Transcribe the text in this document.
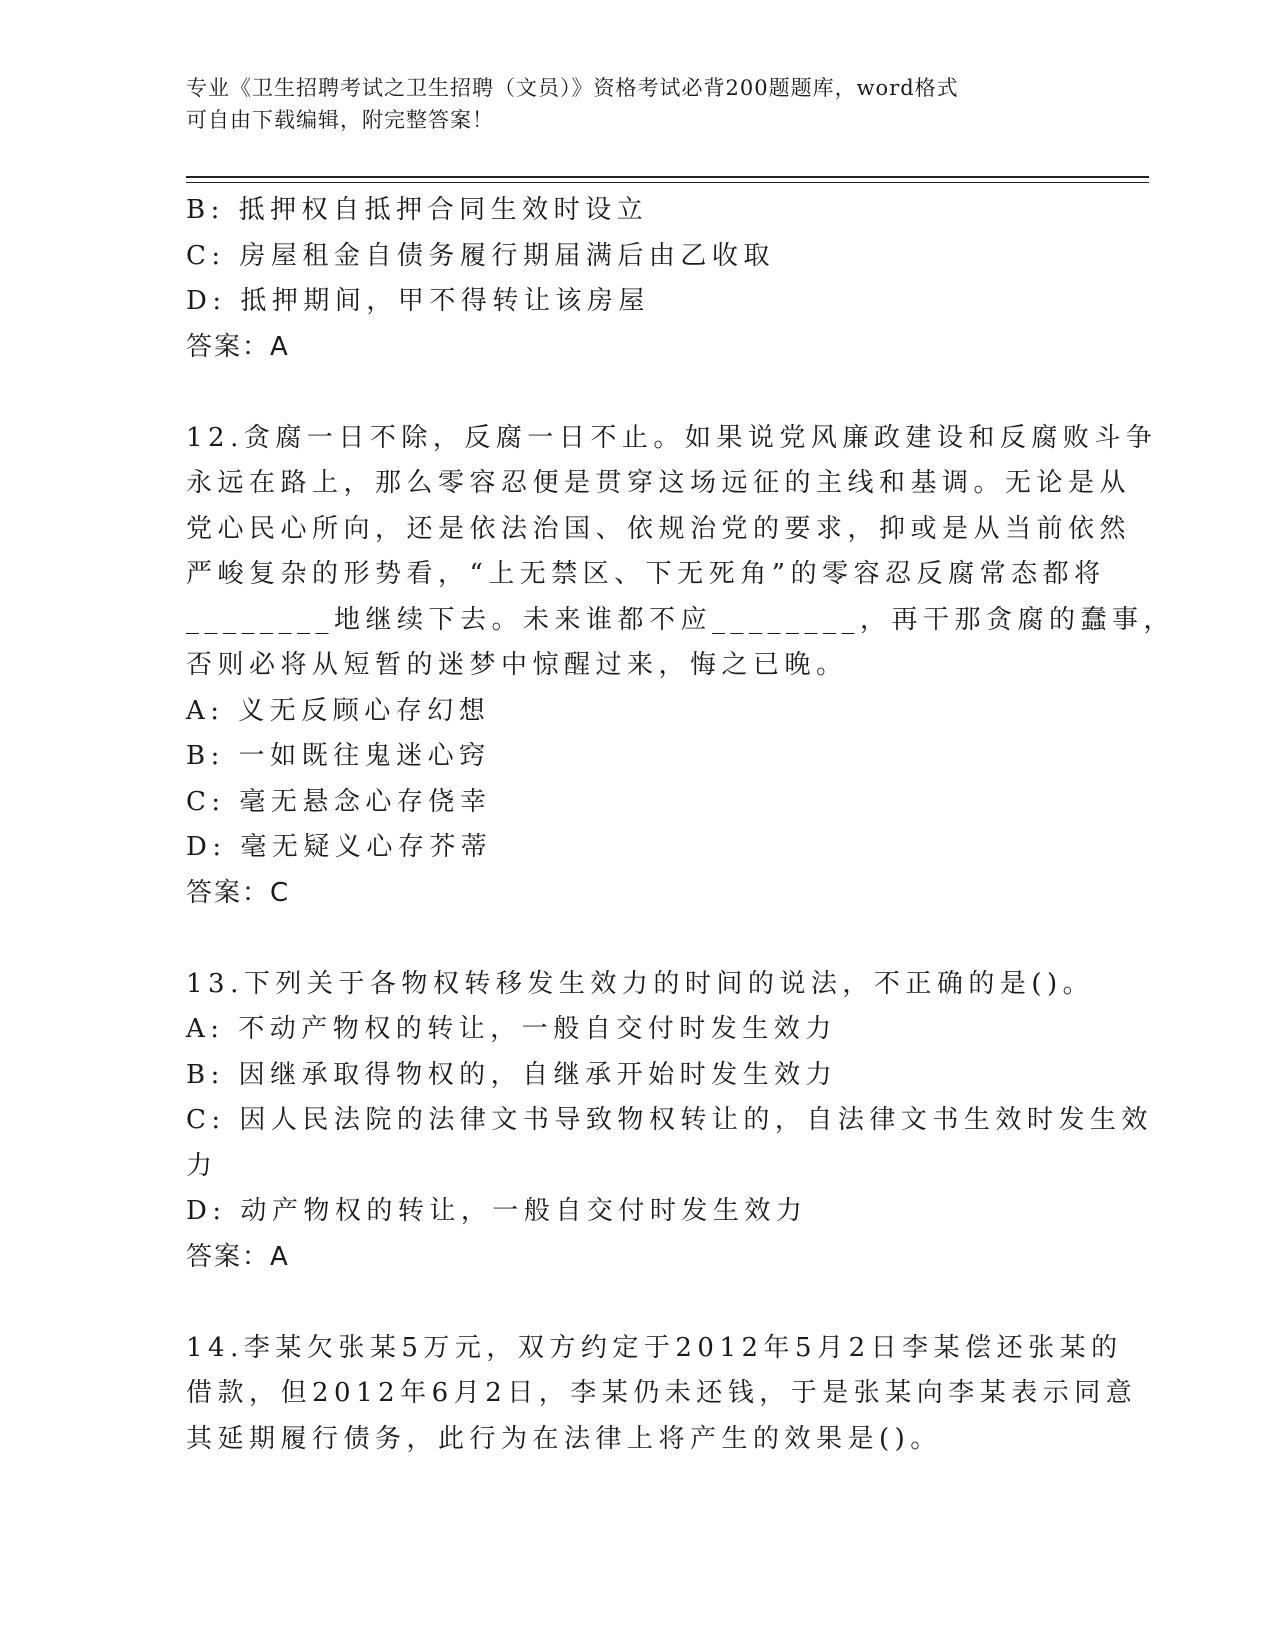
专业《卫生招聘考试之卫生招聘（文员）》资格考试必背200题题库，word格式
可自由下载编辑，附完整答案！
B: 抵押权自抵押合同生效时设立
C: 房屋租金自债务履行期届满后由乙收取
D: 抵押期间，甲不得转让该房屋
答案：A
12.贪腐一日不除，反腐一日不止。如果说党风廉政建设和反腐败斗争
永远在路上，那么零容忍便是贯穿这场远征的主线和基调。无论是从
党心民心所向，还是依法治国、依规治党的要求，抑或是从当前依然
严峻复杂的形势看，“上无禁区、下无死角”的零容忍反腐常态都将
________地继续下去。未来谁都不应________，再干那贪腐的蠢事，
否则必将从短暂的迷梦中惊醒过来，悔之已晚。
A: 义无反顾心存幻想
B: 一如既往鬼迷心窍
C: 毫无悬念心存侥幸
D: 毫无疑义心存芥蒂
答案：C
13.下列关于各物权转移发生效力的时间的说法，不正确的是()。
A: 不动产物权的转让，一般自交付时发生效力
B: 因继承取得物权的，自继承开始时发生效力
C: 因人民法院的法律文书导致物权转让的，自法律文书生效时发生效
力
D: 动产物权的转让，一般自交付时发生效力
答案：A
14.李某欠张某5万元，双方约定于2012年5月2日李某偿还张某的
借款，但2012年6月2日，李某仍未还钱，于是张某向李某表示同意
其延期履行债务，此行为在法律上将产生的效果是()。
